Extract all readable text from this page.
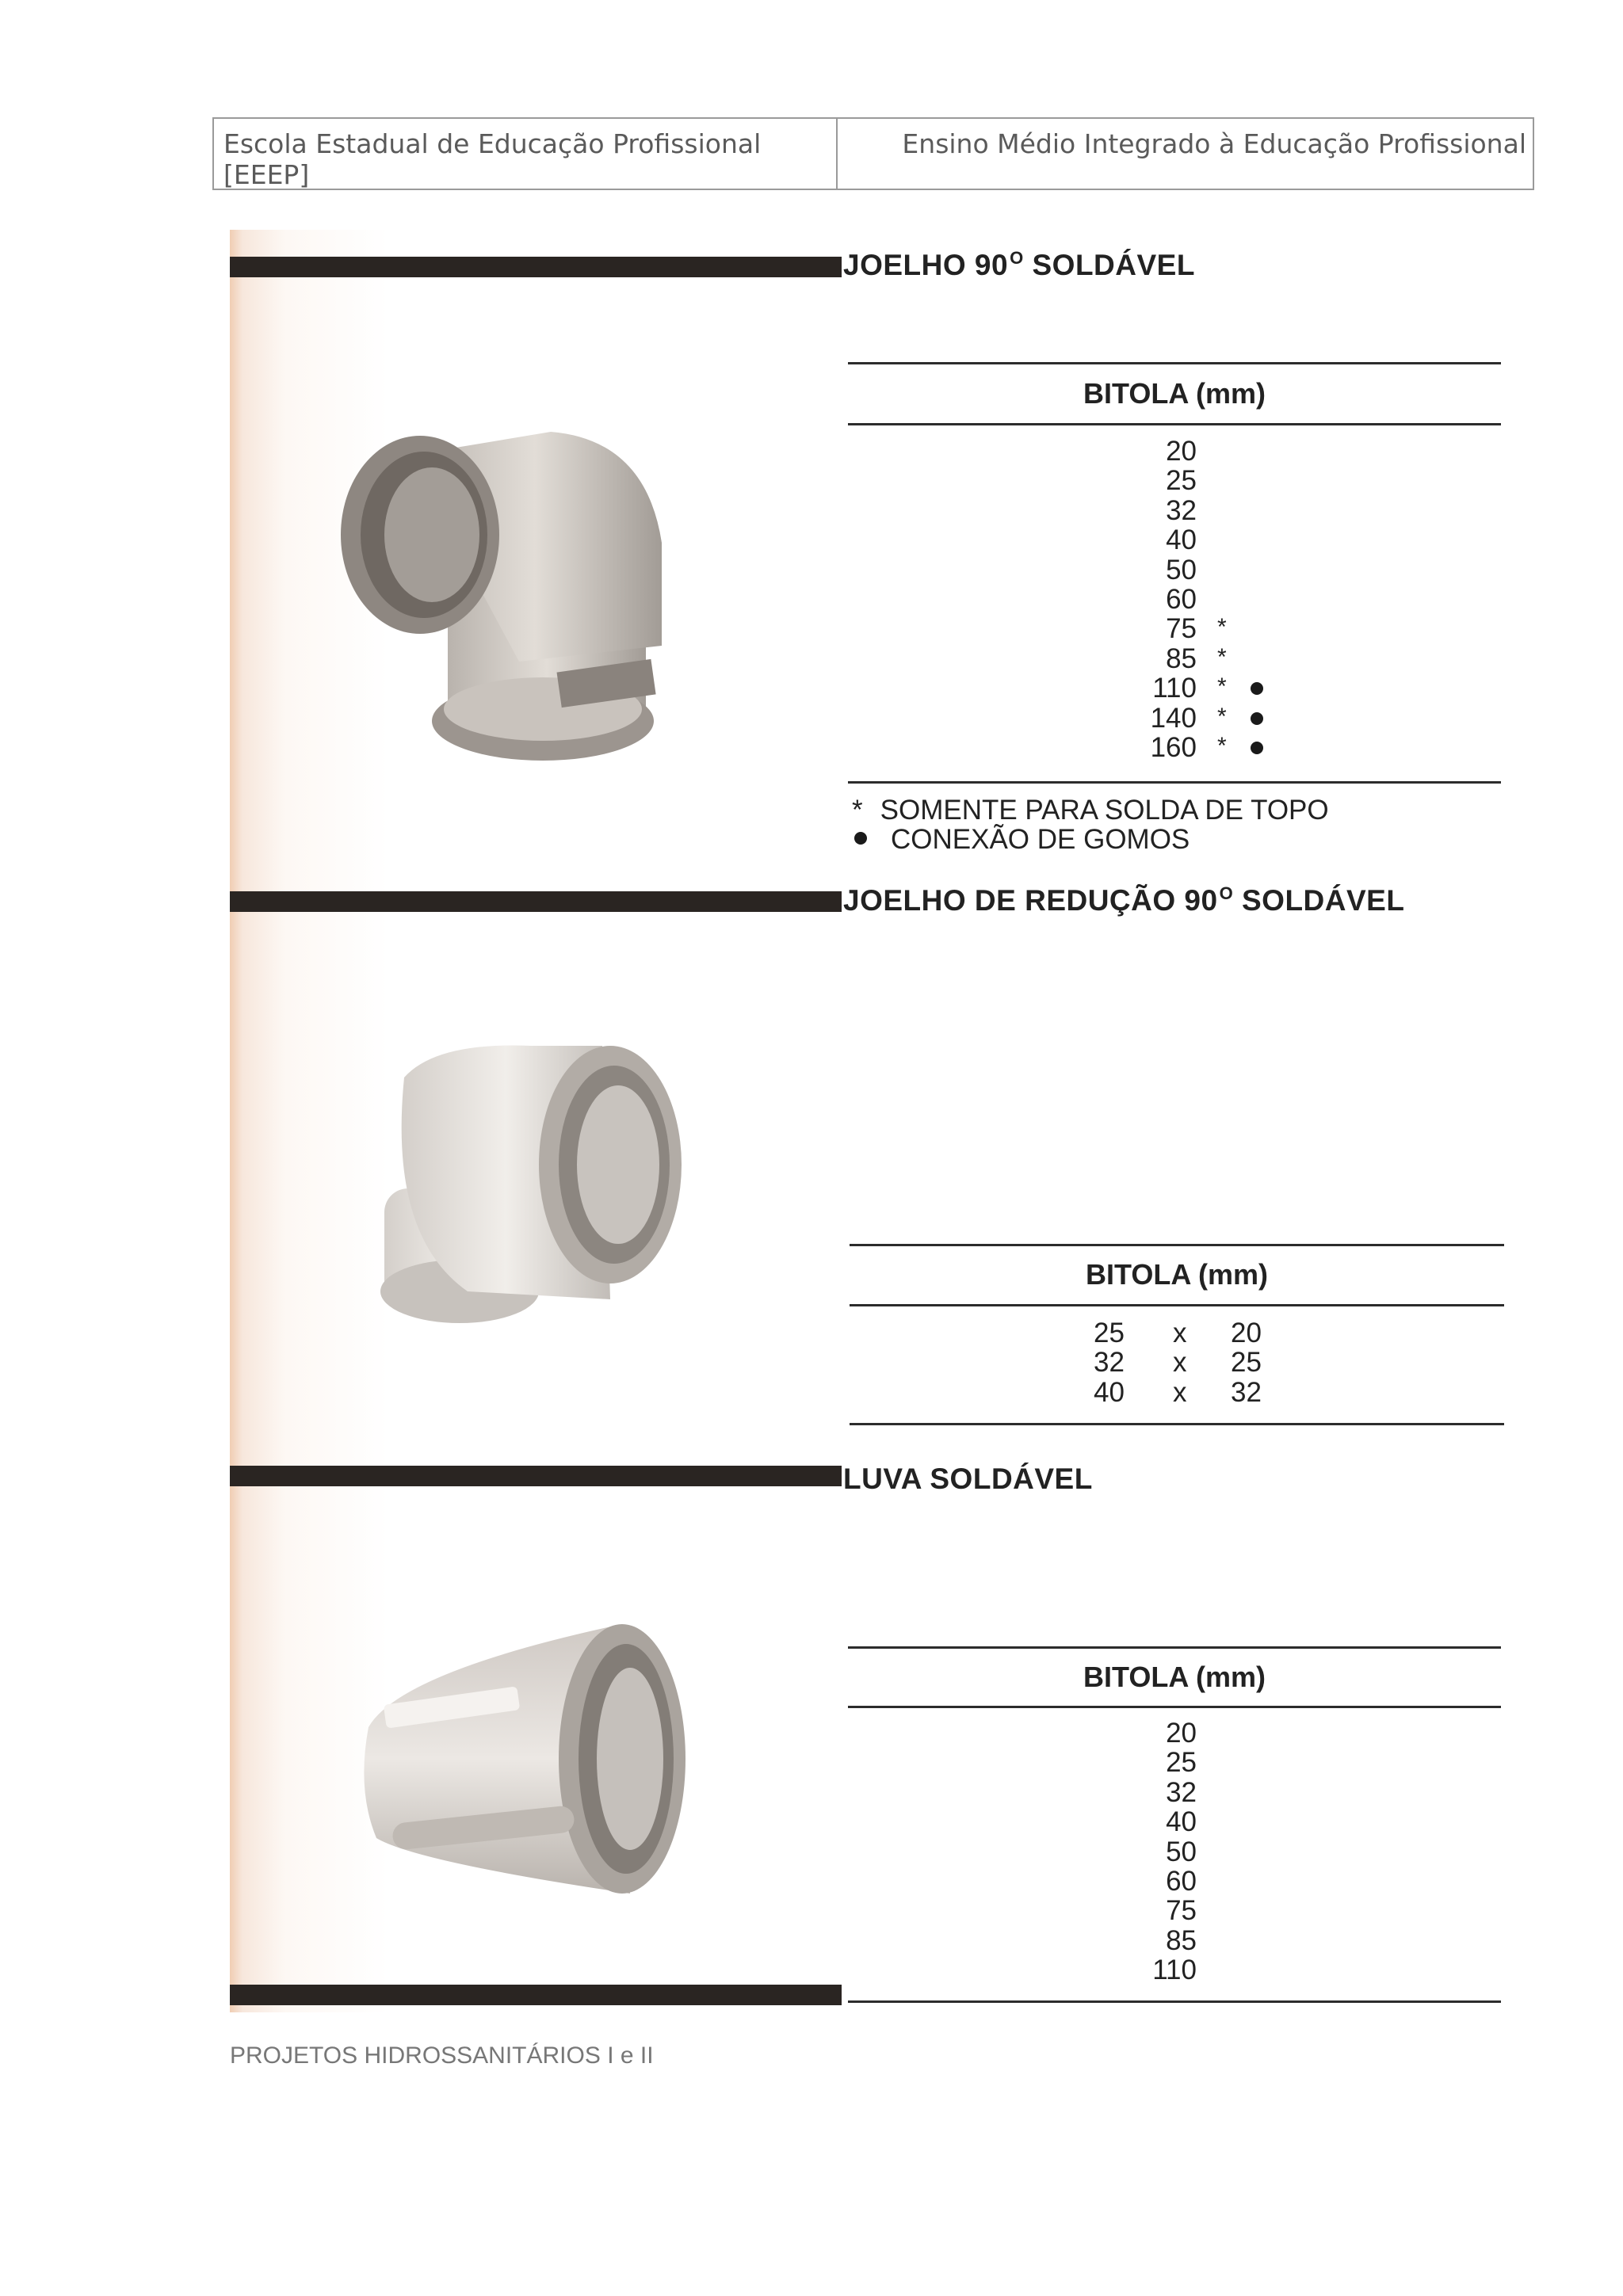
Escola Estadual de Educação Profissional [EEEP]
Ensino Médio Integrado à Educação Profissional
JOELHO $90^O$ SOLDÁVEL
BITOLA (mm)
20
25
32
40
50
60
75 *
85 *
110 *
140 *
160 *
* SOMENTE PARA SOLDA DE TOPO
CONEXÃO DE GOMOS
JOELHO DE REDUÇÃO $90^O$ SOLDÁVEL
BITOLA (mm)
25 x 20
32 x 25
40 x 32
LUVA SOLDÁVEL
BITOLA (mm)
20
25
32
40
50
60
75
85
110
PROJETOS HIDROSSANITÁRIOS I e II
